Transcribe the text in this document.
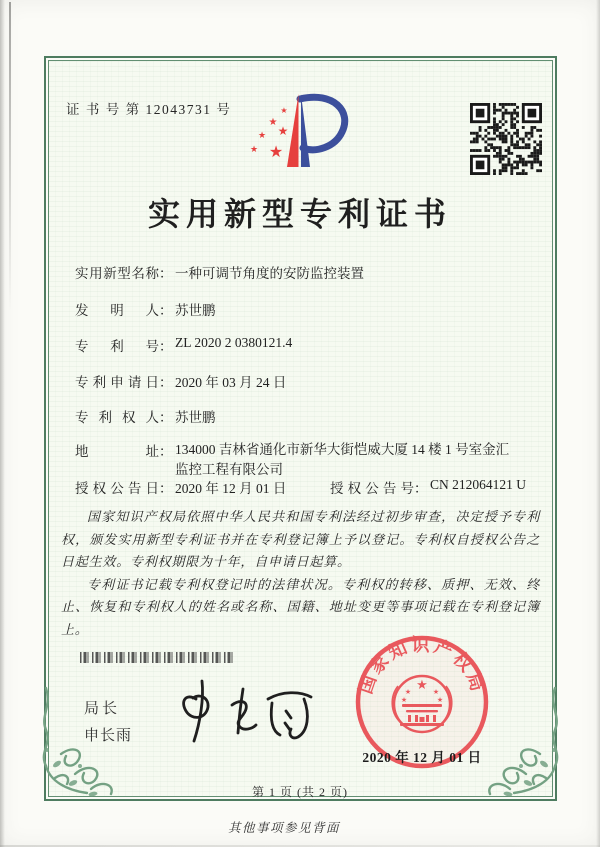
证 书 号 第 12043731 号	★
★
★
★
★ ★
实用新型专利证书
实用新型名称 ： 一种可调节角度的安防监控装置
发明人 ： 苏世鹏
专利号 ： ZL 2020 2 0380121.4
专利申请日 ： 2020 年 03 月 24 日
专利权人 ： 苏世鹏
地址 ： 134000 吉林省通化市新华大街恺威大厦 14 楼 1 号室金汇监控工程有限公司
授权公告日 ： 2020 年 12 月 01 日	授权公告号 ： CN 212064121 U

国家知识产权局依照中华人民共和国专利法经过初步审查，决定授予专利权，颁发实用新型专利证书并在专利登记簿上予以登记。专利权自授权公告之日起生效。专利权期限为十年，自申请日起算。

专利证书记载专利权登记时的法律状况。专利权的转移、质押、无效、终止、恢复和专利权人的姓名或名称、国籍、地址变更等事项记载在专利登记簿上。

局长
申长雨
国家知识产权局
★
★	★
★	★
2020 年 12 月 01 日
第 1 页 (共 2 页)
其他事项参见背面
